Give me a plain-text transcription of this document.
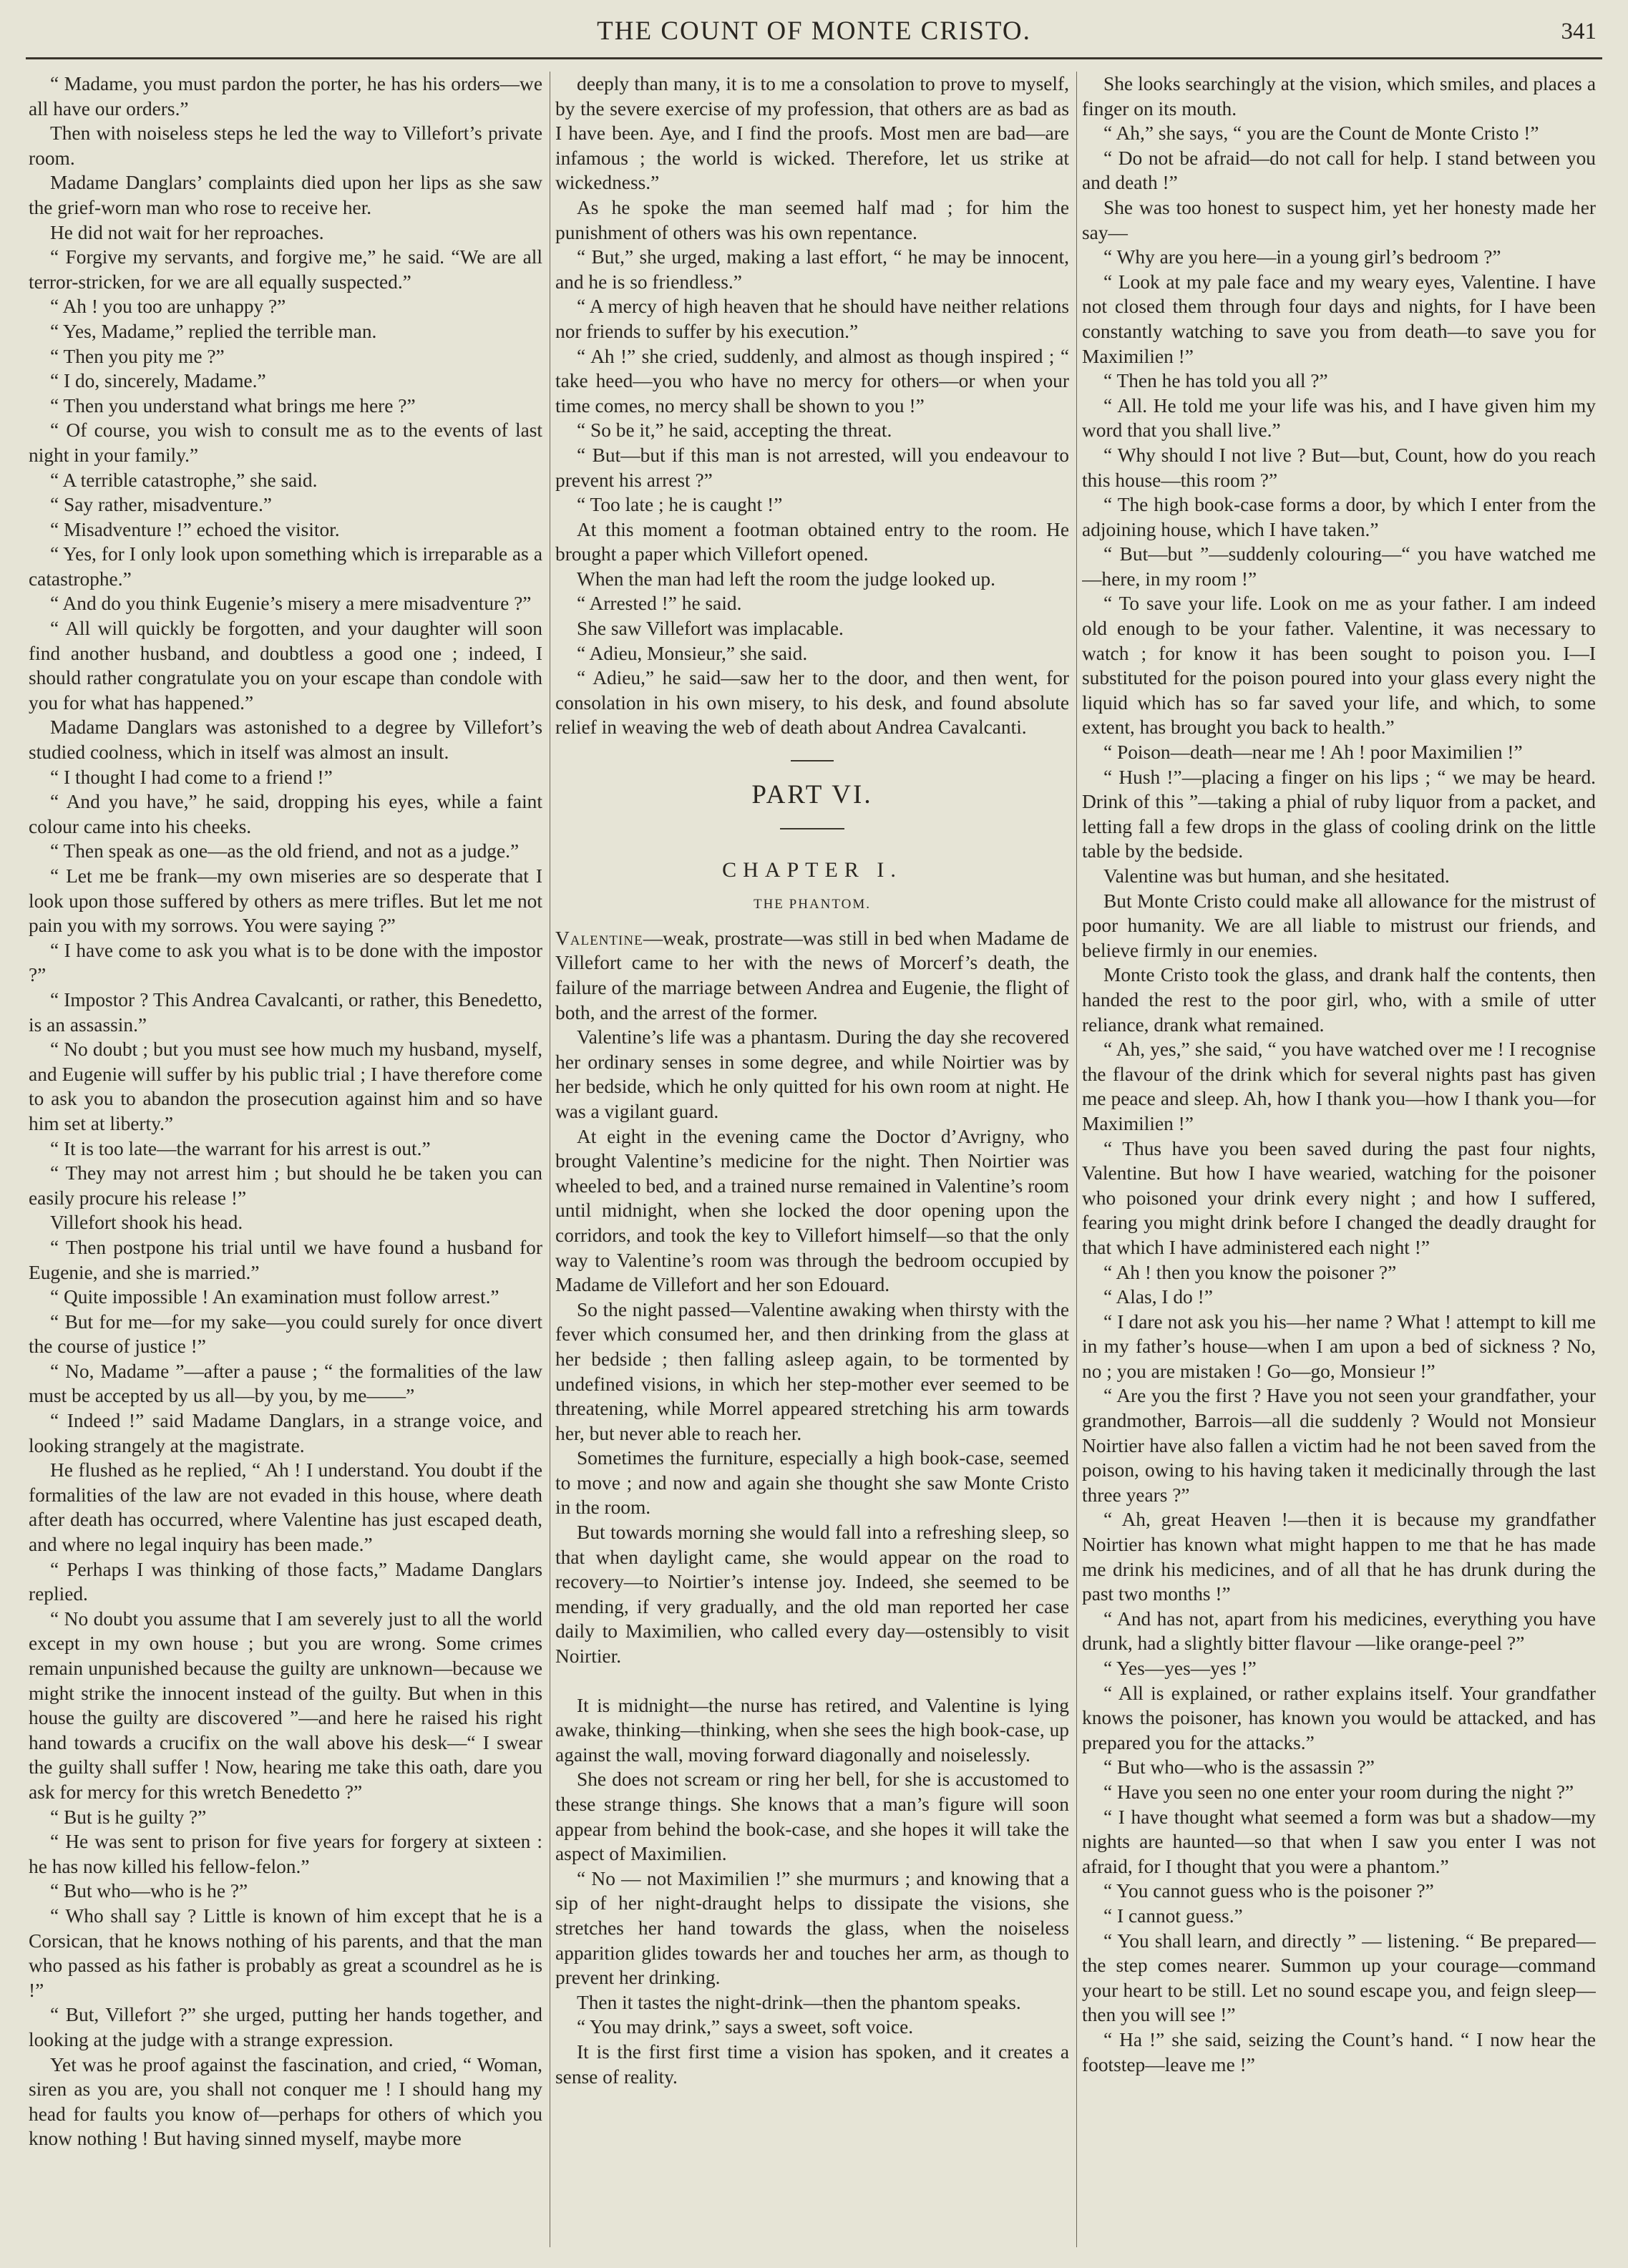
THE COUNT OF MONTE CRISTO.	341

“ Madame, you must pardon the porter, he has his orders—we all have our orders.”

Then with noiseless steps he led the way to Villefort’s private room.

Madame Danglars’ complaints died upon her lips as she saw the grief-worn man who rose to receive her.

He did not wait for her reproaches.

“ Forgive my servants, and forgive me,” he said. “We are all terror-stricken, for we are all equally suspected.”

“ Ah ! you too are unhappy ?”

“ Yes, Madame,” replied the terrible man.

“ Then you pity me ?”

“ I do, sincerely, Madame.”

“ Then you understand what brings me here ?”

“ Of course, you wish to consult me as to the events of last night in your family.”

“ A terrible catastrophe,” she said.

“ Say rather, misadventure.”

“ Misadventure !” echoed the visitor.

“ Yes, for I only look upon something which is irreparable as a catastrophe.”

“ And do you think Eugenie’s misery a mere misadventure ?”

“ All will quickly be forgotten, and your daughter will soon find another husband, and doubtless a good one ; indeed, I should rather congratulate you on your escape than condole with you for what has happened.”

Madame Danglars was astonished to a degree by Villefort’s studied coolness, which in itself was almost an insult.

“ I thought I had come to a friend !”

“ And you have,” he said, dropping his eyes, while a faint colour came into his cheeks.

“ Then speak as one—as the old friend, and not as a judge.”

“ Let me be frank—my own miseries are so desperate that I look upon those suffered by others as mere trifles. But let me not pain you with my sorrows. You were saying ?”

“ I have come to ask you what is to be done with the impostor ?”

“ Impostor ? This Andrea Cavalcanti, or rather, this Benedetto, is an assassin.”

“ No doubt ; but you must see how much my husband, myself, and Eugenie will suffer by his public trial ; I have therefore come to ask you to abandon the prosecution against him and so have him set at liberty.”

“ It is too late—the warrant for his arrest is out.”

“ They may not arrest him ; but should he be taken you can easily procure his release !”

Villefort shook his head.

“ Then postpone his trial until we have found a husband for Eugenie, and she is married.”

“ Quite impossible ! An examination must follow arrest.”

“ But for me—for my sake—you could surely for once divert the course of justice !”

“ No, Madame ”—after a pause ; “ the formalities of the law must be accepted by us all—by you, by me——”

“ Indeed !” said Madame Danglars, in a strange voice, and looking strangely at the magistrate.

He flushed as he replied, “ Ah ! I understand. You doubt if the formalities of the law are not evaded in this house, where death after death has occurred, where Valentine has just escaped death, and where no legal inquiry has been made.”

“ Perhaps I was thinking of those facts,” Madame Danglars replied.

“ No doubt you assume that I am severely just to all the world except in my own house ; but you are wrong. Some crimes remain unpunished because the guilty are unknown—because we might strike the innocent instead of the guilty. But when in this house the guilty are discovered ”—and here he raised his right hand towards a crucifix on the wall above his desk—“ I swear the guilty shall suffer ! Now, hearing me take this oath, dare you ask for mercy for this wretch Benedetto ?”

“ But is he guilty ?”

“ He was sent to prison for five years for forgery at sixteen : he has now killed his fellow-felon.”

“ But who—who is he ?”

“ Who shall say ? Little is known of him except that he is a Corsican, that he knows nothing of his parents, and that the man who passed as his father is probably as great a scoundrel as he is !”

“ But, Villefort ?” she urged, putting her hands together, and looking at the judge with a strange expression.

Yet was he proof against the fascination, and cried, “ Woman, siren as you are, you shall not conquer me ! I should hang my head for faults you know of—perhaps for others of which you know nothing ! But having sinned myself, maybe more

deeply than many, it is to me a consolation to prove to myself, by the severe exercise of my profession, that others are as bad as I have been. Aye, and I find the proofs. Most men are bad—are infamous ; the world is wicked. Therefore, let us strike at wickedness.”

As he spoke the man seemed half mad ; for him the punishment of others was his own repentance.

“ But,” she urged, making a last effort, “ he may be innocent, and he is so friendless.”

“ A mercy of high heaven that he should have neither relations nor friends to suffer by his execution.”

“ Ah !” she cried, suddenly, and almost as though inspired ; “ take heed—you who have no mercy for others—or when your time comes, no mercy shall be shown to you !”

“ So be it,” he said, accepting the threat.

“ But—but if this man is not arrested, will you endeavour to prevent his arrest ?”

“ Too late ; he is caught !”

At this moment a footman obtained entry to the room. He brought a paper which Villefort opened.

When the man had left the room the judge looked up.

“ Arrested !” he said.

She saw Villefort was implacable.

“ Adieu, Monsieur,” she said.

“ Adieu,” he said—saw her to the door, and then went, for consolation in his own misery, to his desk, and found absolute relief in weaving the web of death about Andrea Cavalcanti.

PART VI.
CHAPTER I.
THE PHANTOM.

Valentine—weak, prostrate—was still in bed when Madame de Villefort came to her with the news of Morcerf’s death, the failure of the marriage between Andrea and Eugenie, the flight of both, and the arrest of the former.

Valentine’s life was a phantasm. During the day she recovered her ordinary senses in some degree, and while Noirtier was by her bedside, which he only quitted for his own room at night. He was a vigilant guard.

At eight in the evening came the Doctor d’Avrigny, who brought Valentine’s medicine for the night. Then Noirtier was wheeled to bed, and a trained nurse remained in Valentine’s room until midnight, when she locked the door opening upon the corridors, and took the key to Villefort himself—so that the only way to Valentine’s room was through the bedroom occupied by Madame de Villefort and her son Edouard.

So the night passed—Valentine awaking when thirsty with the fever which consumed her, and then drinking from the glass at her bedside ; then falling asleep again, to be tormented by undefined visions, in which her step-mother ever seemed to be threatening, while Morrel appeared stretching his arm towards her, but never able to reach her.

Sometimes the furniture, especially a high book-case, seemed to move ; and now and again she thought she saw Monte Cristo in the room.

But towards morning she would fall into a refreshing sleep, so that when daylight came, she would appear on the road to recovery—to Noirtier’s intense joy. Indeed, she seemed to be mending, if very gradually, and the old man reported her case daily to Maximilien, who called every day—ostensibly to visit Noirtier.

It is midnight—the nurse has retired, and Valentine is lying awake, thinking—thinking, when she sees the high book-case, up against the wall, moving forward diagonally and noiselessly.

She does not scream or ring her bell, for she is accustomed to these strange things. She knows that a man’s figure will soon appear from behind the book-case, and she hopes it will take the aspect of Maximilien.

“ No — not Maximilien !” she murmurs ; and knowing that a sip of her night-draught helps to dissipate the visions, she stretches her hand towards the glass, when the noiseless apparition glides towards her and touches her arm, as though to prevent her drinking.

Then it tastes the night-drink—then the phantom speaks.

“ You may drink,” says a sweet, soft voice.

It is the first first time a vision has spoken, and it creates a sense of reality.

She looks searchingly at the vision, which smiles, and places a finger on its mouth.

“ Ah,” she says, “ you are the Count de Monte Cristo !”

“ Do not be afraid—do not call for help. I stand between you and death !”

She was too honest to suspect him, yet her honesty made her say—

“ Why are you here—in a young girl’s bedroom ?”

“ Look at my pale face and my weary eyes, Valentine. I have not closed them through four days and nights, for I have been constantly watching to save you from death—to save you for Maximilien !”

“ Then he has told you all ?”

“ All. He told me your life was his, and I have given him my word that you shall live.”

“ Why should I not live ? But—but, Count, how do you reach this house—this room ?”

“ The high book-case forms a door, by which I enter from the adjoining house, which I have taken.”

“ But—but ”—suddenly colouring—“ you have watched me—here, in my room !”

“ To save your life. Look on me as your father. I am indeed old enough to be your father. Valentine, it was necessary to watch ; for know it has been sought to poison you. I—I substituted for the poison poured into your glass every night the liquid which has so far saved your life, and which, to some extent, has brought you back to health.”

“ Poison—death—near me ! Ah ! poor Maximilien !”

“ Hush !”—placing a finger on his lips ; “ we may be heard. Drink of this ”—taking a phial of ruby liquor from a packet, and letting fall a few drops in the glass of cooling drink on the little table by the bedside.

Valentine was but human, and she hesitated.

But Monte Cristo could make all allowance for the mistrust of poor humanity. We are all liable to mistrust our friends, and believe firmly in our enemies.

Monte Cristo took the glass, and drank half the contents, then handed the rest to the poor girl, who, with a smile of utter reliance, drank what remained.

“ Ah, yes,” she said, “ you have watched over me ! I recognise the flavour of the drink which for several nights past has given me peace and sleep. Ah, how I thank you—how I thank you—for Maximilien !”

“ Thus have you been saved during the past four nights, Valentine. But how I have wearied, watching for the poisoner who poisoned your drink every night ; and how I suffered, fearing you might drink before I changed the deadly draught for that which I have administered each night !”

“ Ah ! then you know the poisoner ?”

“ Alas, I do !”

“ I dare not ask you his—her name ? What ! attempt to kill me in my father’s house—when I am upon a bed of sickness ? No, no ; you are mistaken ! Go—go, Monsieur !”

“ Are you the first ? Have you not seen your grandfather, your grandmother, Barrois—all die suddenly ? Would not Monsieur Noirtier have also fallen a victim had he not been saved from the poison, owing to his having taken it medicinally through the last three years ?”

“ Ah, great Heaven !—then it is because my grandfather Noirtier has known what might happen to me that he has made me drink his medicines, and of all that he has drunk during the past two months !”

“ And has not, apart from his medicines, everything you have drunk, had a slightly bitter flavour —like orange-peel ?”

“ Yes—yes—yes !”

“ All is explained, or rather explains itself. Your grandfather knows the poisoner, has known you would be attacked, and has prepared you for the attacks.”

“ But who—who is the assassin ?”

“ Have you seen no one enter your room during the night ?”

“ I have thought what seemed a form was but a shadow—my nights are haunted—so that when I saw you enter I was not afraid, for I thought that you were a phantom.”

“ You cannot guess who is the poisoner ?”

“ I cannot guess.”

“ You shall learn, and directly ” — listening. “ Be prepared—the step comes nearer. Summon up your courage—command your heart to be still. Let no sound escape you, and feign sleep—then you will see !”

“ Ha !” she said, seizing the Count’s hand. “ I now hear the footstep—leave me !”
